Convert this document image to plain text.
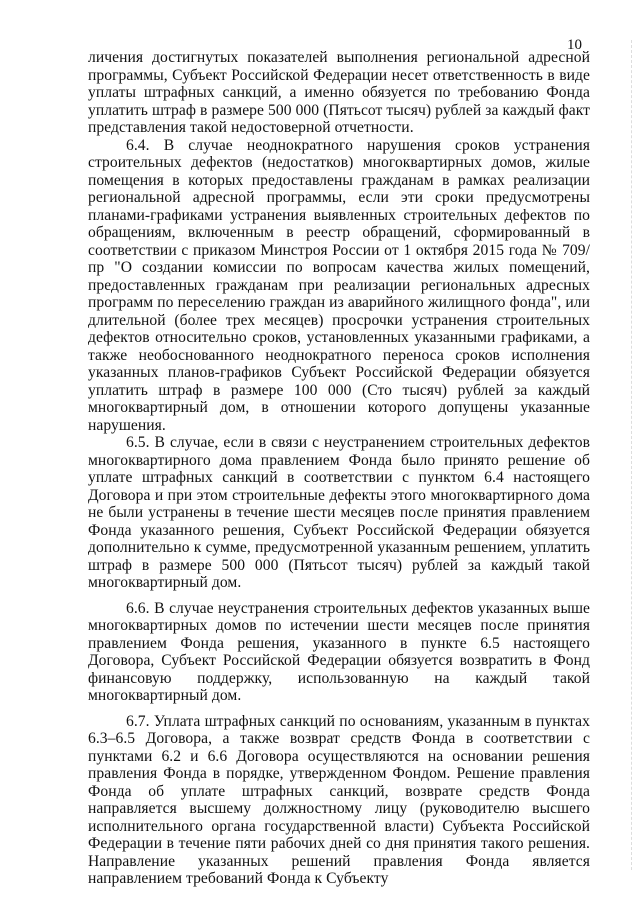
10

личения достигнутых показателей выполнения региональной адресной программы, Субъект Российской Федерации несет ответственность в виде уплаты штрафных санкций, а именно обязуется по требованию Фонда уплатить штраф в размере 500 000 (Пятьсот тысяч) рублей за каждый факт представления такой недостоверной отчетности.

6.4. В случае неоднократного нарушения сроков устранения строительных дефектов (недостатков) многоквартирных домов, жилые помещения в которых предоставлены гражданам в рамках реализации региональной адресной программы, если эти сроки предусмотрены планами-графиками устранения выявленных строительных дефектов по обращениям, включенным в реестр обращений, сформированный в соответствии с приказом Минстроя России от 1 октября 2015 года № 709/пр "О создании комиссии по вопросам качества жилых помещений, предоставленных гражданам при реализации региональных адресных программ по переселению граждан из аварийного жилищного фонда", или длительной (более трех месяцев) просрочки устранения строительных дефектов относительно сроков, установленных указанными графиками, а также необоснованного неоднократного переноса сроков исполнения указанных планов-графиков Субъект Российской Федерации обязуется уплатить штраф в размере 100 000 (Сто тысяч) рублей за каждый многоквартирный дом, в отношении которого допущены указанные нарушения.

6.5. В случае, если в связи с неустранением строительных дефектов многоквартирного дома правлением Фонда было принято решение об уплате штрафных санкций в соответствии с пунктом 6.4 настоящего Договора и при этом строительные дефекты этого многоквартирного дома не были устранены в течение шести месяцев после принятия правлением Фонда указанного решения, Субъект Российской Федерации обязуется дополнительно к сумме, предусмотренной указанным решением, уплатить штраф в размере 500 000 (Пятьсот тысяч) рублей за каждый такой многоквартирный дом.

6.6. В случае неустранения строительных дефектов указанных выше многоквартирных домов по истечении шести месяцев после принятия правлением Фонда решения, указанного в пункте 6.5 настоящего Договора, Субъект Российской Федерации обязуется возвратить в Фонд финансовую поддержку, использованную на каждый такой многоквартирный дом.

6.7. Уплата штрафных санкций по основаниям, указанным в пунктах 6.3–6.5 Договора, а также возврат средств Фонда в соответствии с пунктами 6.2 и 6.6 Договора осуществляются на основании решения правления Фонда в порядке, утвержденном Фондом. Решение правления Фонда об уплате штрафных санкций, возврате средств Фонда направляется высшему должностному лицу (руководителю высшего исполнительного органа государственной власти) Субъекта Российской Федерации в течение пяти рабочих дней со дня принятия такого решения. Направление указанных решений правления Фонда является направлением требований Фонда к Субъекту
